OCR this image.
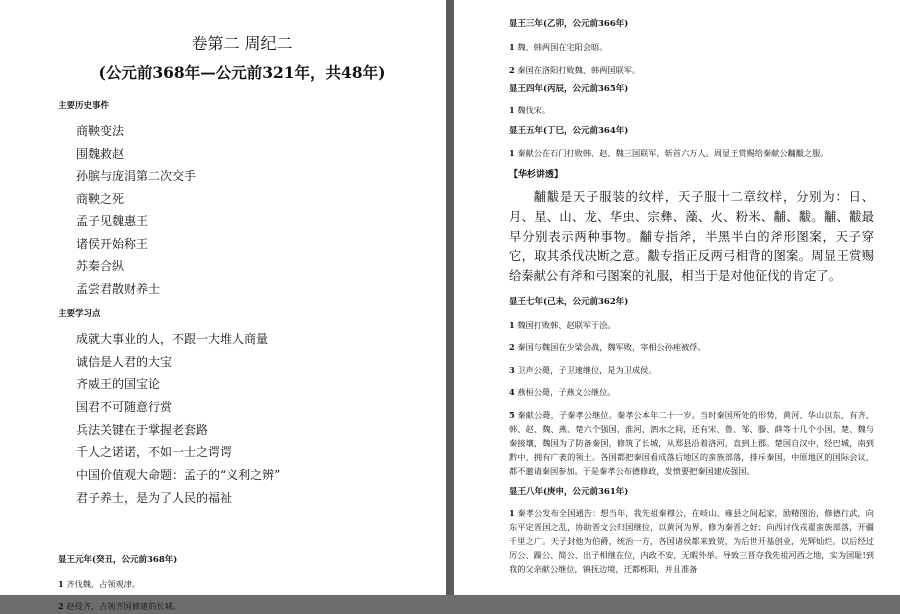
卷第二 周纪二
(公元前368年—公元前321年，共48年)
主要历史事件
商鞅变法
围魏救赵
孙膑与庞涓第二次交手
商鞅之死
孟子见魏惠王
诸侯开始称王
苏秦合纵
孟尝君散财养士
主要学习点
成就大事业的人，不跟一大堆人商量
诚信是人君的大宝
齐威王的国宝论
国君不可随意行赏
兵法关键在于掌握老套路
千人之诺诺，不如一士之谔谔
中国价值观大命题：孟子的“义利之辨”
君子养士，是为了人民的福祉
显王元年(癸丑，公元前368年)
1 齐伐魏，占领观津。
2 赵侵齐，占领齐国修建的长城。
显王三年(乙卯，公元前366年)
1 魏、韩两国在宅阳会晤。
2 秦国在洛阳打败魏、韩两国联军。
显王四年(丙辰，公元前365年)
1 魏伐宋。
显王五年(丁巳，公元前364年)
1 秦献公在石门打败韩、赵、魏三国联军，斩首六万人。周显王赏赐给秦献公黼黻之服。
【华杉讲透】

黼黻是天子服装的纹样，天子服十二章纹样，分别为：日、月、星、山、龙、华虫、宗彝、藻、火、粉米、黼、黻。黼、黻最早分别表示两种事物。黼专指斧，半黑半白的斧形图案，天子穿它，取其杀伐决断之意。黻专指正反两弓相背的图案。周显王赏赐给秦献公有斧和弓图案的礼服，相当于是对他征伐的肯定了。

显王七年(己未，公元前362年)
1 魏国打败韩、赵联军于浍。
2 秦国与魏国在少梁会战，魏军败，宰相公孙痤被俘。
3 卫声公薨，子卫速继位，是为卫成侯。
4 燕桓公薨，子燕文公继位。
5 秦献公薨，子秦孝公继位。秦孝公本年二十一岁。当时秦国所处的形势，黄河、华山以东，有齐、韩、赵、魏、燕、楚六个强国，淮河、泗水之间，还有宋、鲁、邹、滕、薛等十几个小国，楚、魏与秦接壤，魏国为了防备秦国，修筑了长城，从郑县沿着洛河，直到上郡。楚国自汉中，经巴城，南到黔中，拥有广袤的领土。各国都把秦国看成落后地区的蛮族部落，排斥秦国，中原地区的国际会议，都不邀请秦国参加。于是秦孝公布德修政，发愤要把秦国建成强国。
显王八年(庚申，公元前361年)
1 秦孝公发布全国通告：想当年，我先祖秦穆公，在岐山、雍县之间起家，励精图治，修德行武，向东平定晋国之乱，协助晋文公归国继位，以黄河为界，修为秦晋之好；向西讨伐戎翟蛮族部落，开疆千里之广。天子封他为伯爵，统治一方，各国诸侯都来致贺，为后世开基创业，光辉灿烂。以后经过厉公、躁公、简公、出子相继在位，内政不安，无暇外举。导致三晋夺我先祖河西之地，实为国耻!到我的父亲献公继位，镇抚边境，迁都栎阳，并且准备
